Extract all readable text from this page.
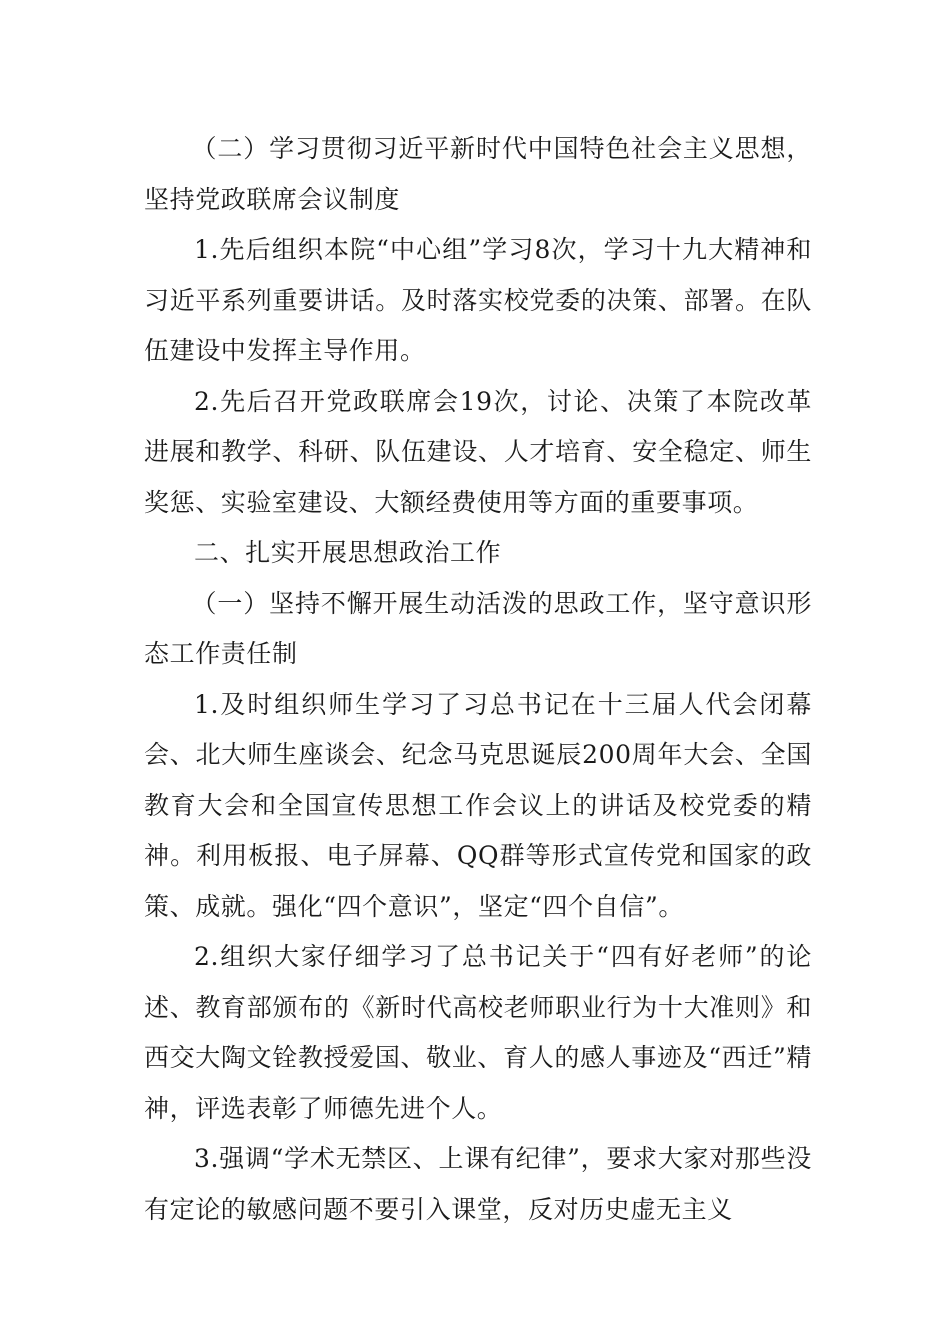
（二）学习贯彻习近平新时代中国特色社会主义思想，坚持党政联席会议制度

1.先后组织本院“中心组”学习8次，学习十九大精神和习近平系列重要讲话。及时落实校党委的决策、部署。在队伍建设中发挥主导作用。

2.先后召开党政联席会19次，讨论、决策了本院改革进展和教学、科研、队伍建设、人才培育、安全稳定、师生奖惩、实验室建设、大额经费使用等方面的重要事项。

二、扎实开展思想政治工作

（一）坚持不懈开展生动活泼的思政工作，坚守意识形态工作责任制

1.及时组织师生学习了习总书记在十三届人代会闭幕会、北大师生座谈会、纪念马克思诞辰200周年大会、全国教育大会和全国宣传思想工作会议上的讲话及校党委的精神。利用板报、电子屏幕、QQ群等形式宣传党和国家的政策、成就。强化“四个意识”，坚定“四个自信”。

2.组织大家仔细学习了总书记关于“四有好老师”的论述、教育部颁布的《新时代高校老师职业行为十大准则》和西交大陶文铨教授爱国、敬业、育人的感人事迹及“西迁”精神，评选表彰了师德先进个人。

3.强调“学术无禁区、上课有纪律”，要求大家对那些没有定论的敏感问题不要引入课堂，反对历史虚无主义
